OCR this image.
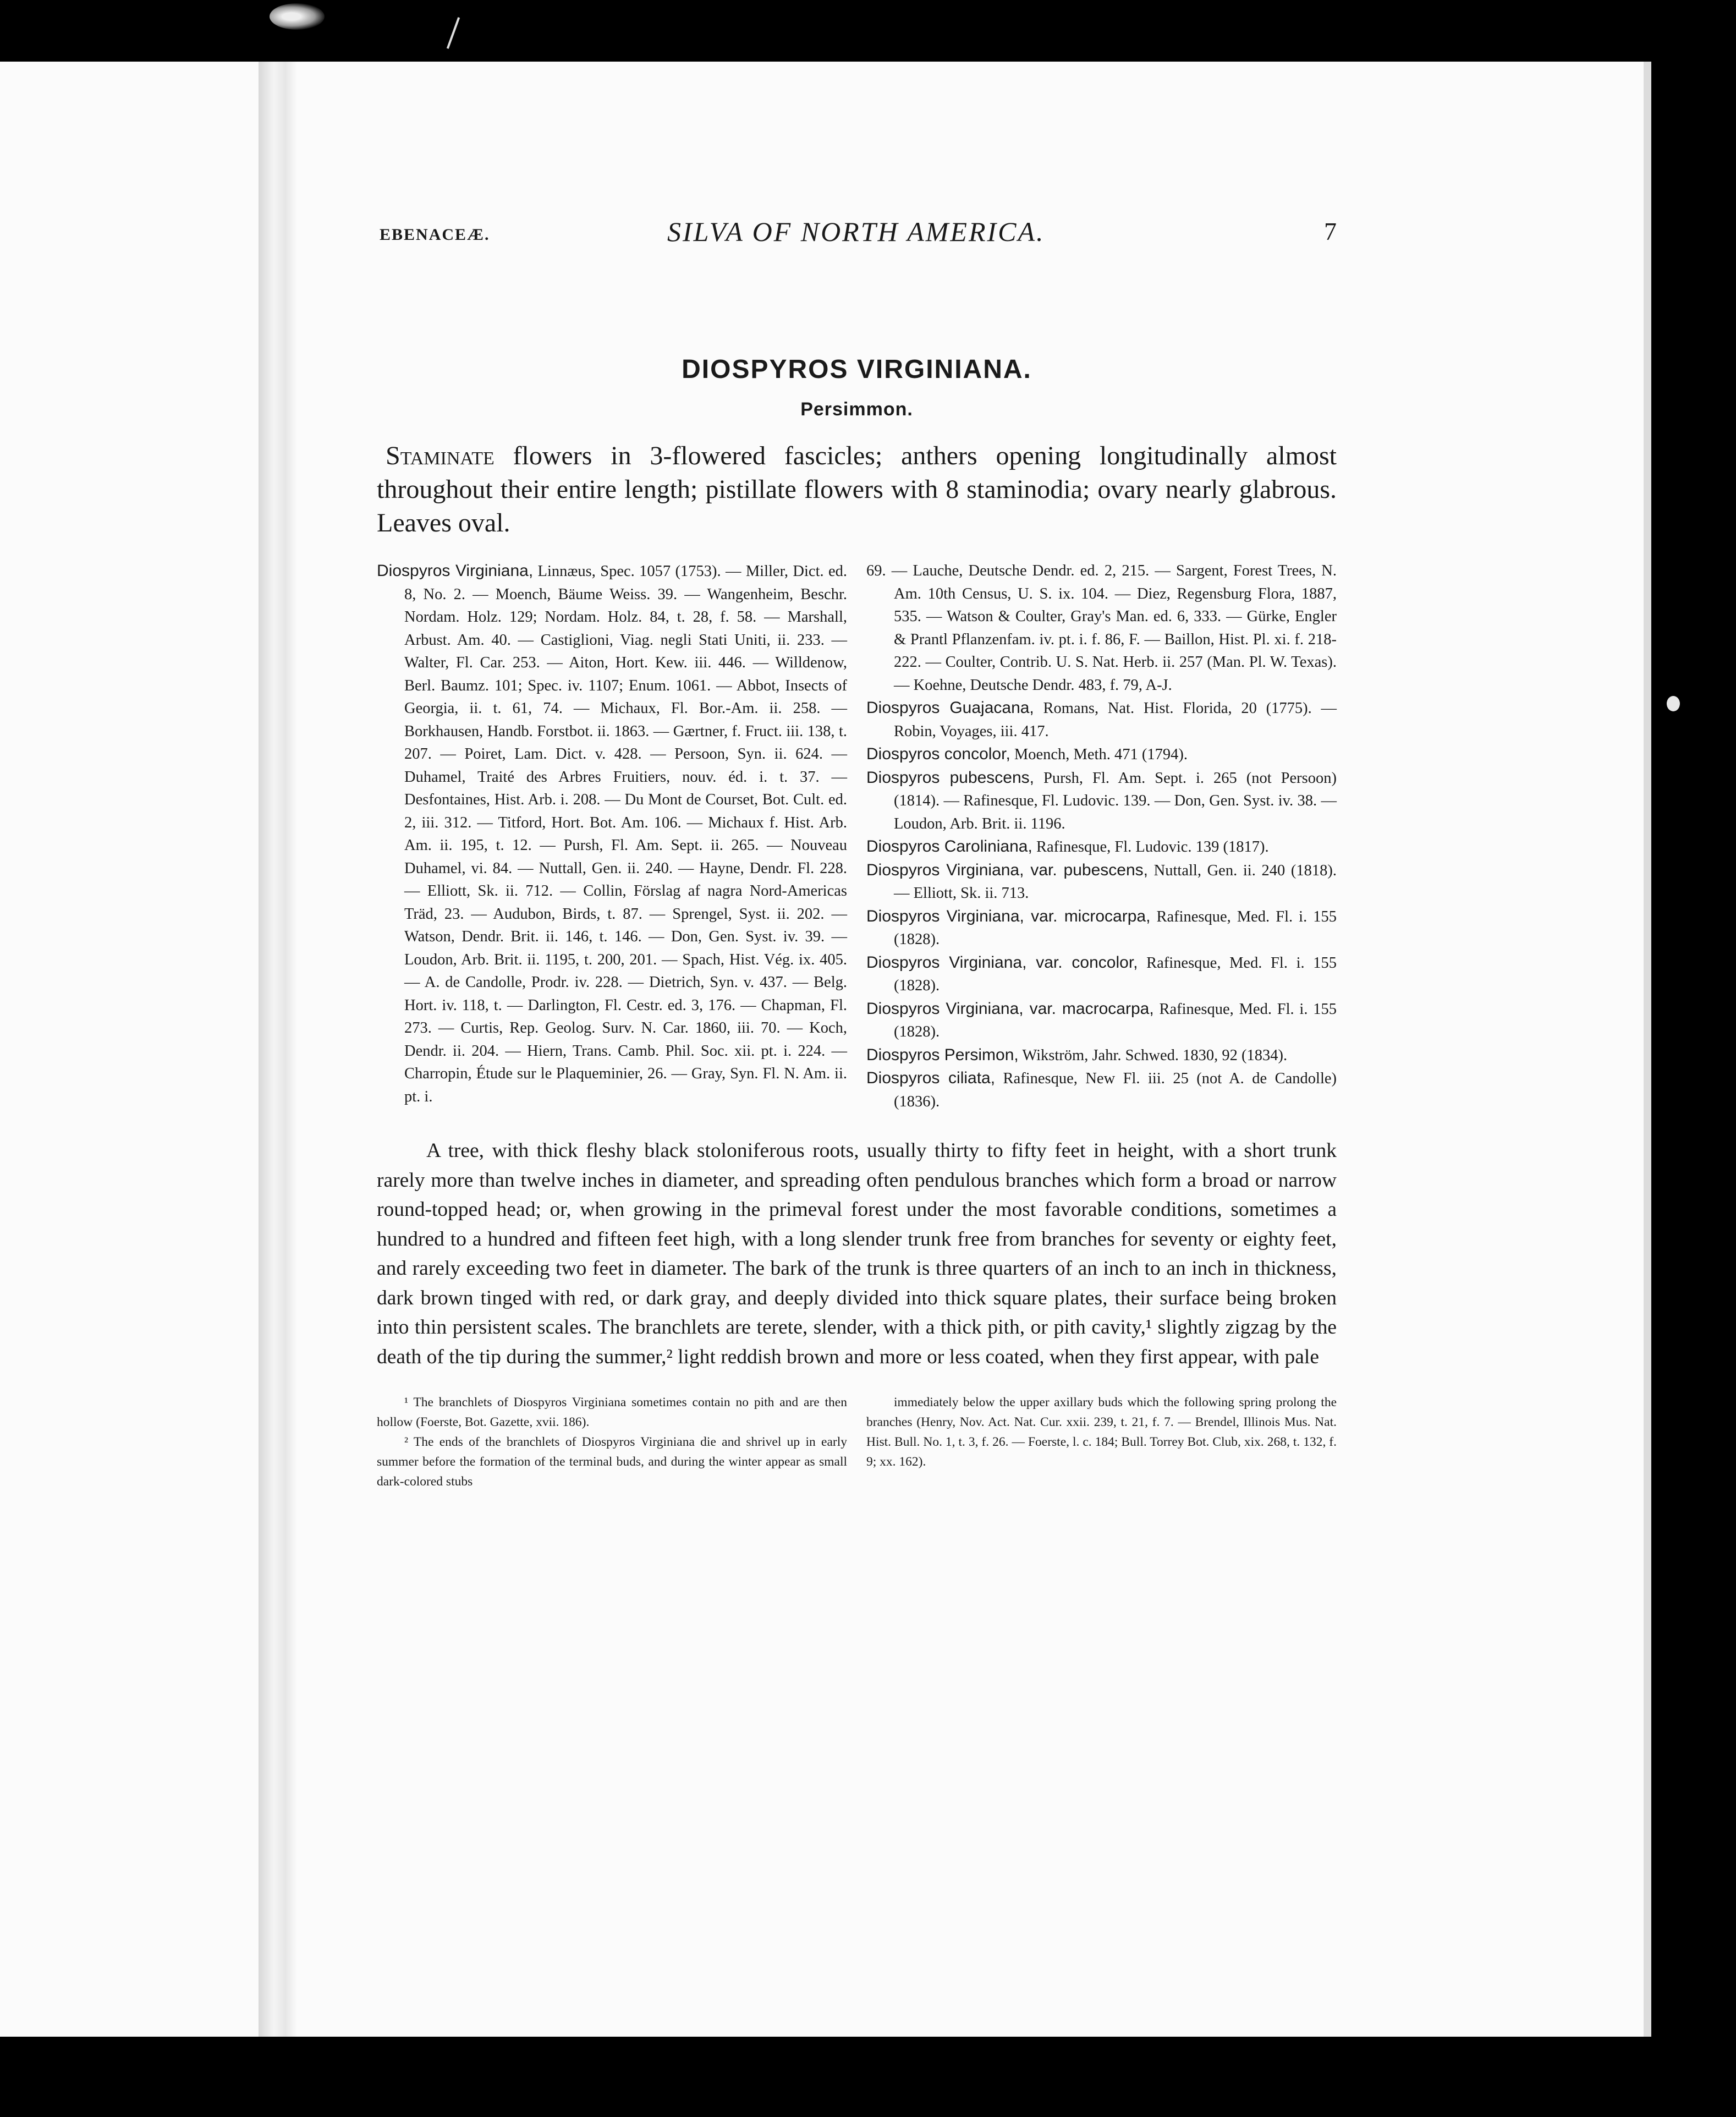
EBENACEÆ.	SILVA OF NORTH AMERICA.	7
DIOSPYROS VIRGINIANA.
Persimmon.
Staminate flowers in 3-flowered fascicles; anthers opening longitudinally almost throughout their entire length; pistillate flowers with 8 staminodia; ovary nearly glabrous. Leaves oval.
Diospyros Virginiana, Linnæus, Spec. 1057 (1753). — Miller, Dict. ed. 8, No. 2. — Moench, Bäume Weiss. 39. — Wangenheim, Beschr. Nordam. Holz. 129; Nordam. Holz. 84, t. 28, f. 58. — Marshall, Arbust. Am. 40. — Castiglioni, Viag. negli Stati Uniti, ii. 233. — Walter, Fl. Car. 253. — Aiton, Hort. Kew. iii. 446. — Willdenow, Berl. Baumz. 101; Spec. iv. 1107; Enum. 1061. — Abbot, Insects of Georgia, ii. t. 61, 74. — Michaux, Fl. Bor.-Am. ii. 258. — Borkhausen, Handb. Forstbot. ii. 1863. — Gærtner, f. Fruct. iii. 138, t. 207. — Poiret, Lam. Dict. v. 428. — Persoon, Syn. ii. 624. — Duhamel, Traité des Arbres Fruitiers, nouv. éd. i. t. 37. — Desfontaines, Hist. Arb. i. 208. — Du Mont de Courset, Bot. Cult. ed. 2, iii. 312. — Titford, Hort. Bot. Am. 106. — Michaux f. Hist. Arb. Am. ii. 195, t. 12. — Pursh, Fl. Am. Sept. ii. 265. — Nouveau Duhamel, vi. 84. — Nuttall, Gen. ii. 240. — Hayne, Dendr. Fl. 228. — Elliott, Sk. ii. 712. — Collin, Förslag af nagra Nord-Americas Träd, 23. — Audubon, Birds, t. 87. — Sprengel, Syst. ii. 202. — Watson, Dendr. Brit. ii. 146, t. 146. — Don, Gen. Syst. iv. 39. — Loudon, Arb. Brit. ii. 1195, t. 200, 201. — Spach, Hist. Vég. ix. 405. — A. de Candolle, Prodr. iv. 228. — Dietrich, Syn. v. 437. — Belg. Hort. iv. 118, t. — Darlington, Fl. Cestr. ed. 3, 176. — Chapman, Fl. 273. — Curtis, Rep. Geolog. Surv. N. Car. 1860, iii. 70. — Koch, Dendr. ii. 204. — Hiern, Trans. Camb. Phil. Soc. xii. pt. i. 224. — Charropin, Étude sur le Plaqueminier, 26. — Gray, Syn. Fl. N. Am. ii. pt. i.
69. — Lauche, Deutsche Dendr. ed. 2, 215. — Sargent, Forest Trees, N. Am. 10th Census, U. S. ix. 104. — Diez, Regensburg Flora, 1887, 535. — Watson & Coulter, Gray's Man. ed. 6, 333. — Gürke, Engler & Prantl Pflanzenfam. iv. pt. i. f. 86, F. — Baillon, Hist. Pl. xi. f. 218-222. — Coulter, Contrib. U. S. Nat. Herb. ii. 257 (Man. Pl. W. Texas). — Koehne, Deutsche Dendr. 483, f. 79, A-J.
Diospyros Guajacana, Romans, Nat. Hist. Florida, 20 (1775). — Robin, Voyages, iii. 417.
Diospyros concolor, Moench, Meth. 471 (1794).
Diospyros pubescens, Pursh, Fl. Am. Sept. i. 265 (not Persoon) (1814). — Rafinesque, Fl. Ludovic. 139. — Don, Gen. Syst. iv. 38. — Loudon, Arb. Brit. ii. 1196.
Diospyros Caroliniana, Rafinesque, Fl. Ludovic. 139 (1817).
Diospyros Virginiana, var. pubescens, Nuttall, Gen. ii. 240 (1818). — Elliott, Sk. ii. 713.
Diospyros Virginiana, var. microcarpa, Rafinesque, Med. Fl. i. 155 (1828).
Diospyros Virginiana, var. concolor, Rafinesque, Med. Fl. i. 155 (1828).
Diospyros Virginiana, var. macrocarpa, Rafinesque, Med. Fl. i. 155 (1828).
Diospyros Persimon, Wikström, Jahr. Schwed. 1830, 92 (1834).
Diospyros ciliata, Rafinesque, New Fl. iii. 25 (not A. de Candolle) (1836).
A tree, with thick fleshy black stoloniferous roots, usually thirty to fifty feet in height, with a short trunk rarely more than twelve inches in diameter, and spreading often pendulous branches which form a broad or narrow round-topped head; or, when growing in the primeval forest under the most favorable conditions, sometimes a hundred to a hundred and fifteen feet high, with a long slender trunk free from branches for seventy or eighty feet, and rarely exceeding two feet in diameter. The bark of the trunk is three quarters of an inch to an inch in thickness, dark brown tinged with red, or dark gray, and deeply divided into thick square plates, their surface being broken into thin persistent scales. The branchlets are terete, slender, with a thick pith, or pith cavity,¹ slightly zigzag by the death of the tip during the summer,² light reddish brown and more or less coated, when they first appear, with pale

¹ The branchlets of Diospyros Virginiana sometimes contain no pith and are then hollow (Foerste, Bot. Gazette, xvii. 186).

² The ends of the branchlets of Diospyros Virginiana die and shrivel up in early summer before the formation of the terminal buds, and during the winter appear as small dark-colored stubs

immediately below the upper axillary buds which the following spring prolong the branches (Henry, Nov. Act. Nat. Cur. xxii. 239, t. 21, f. 7. — Brendel, Illinois Mus. Nat. Hist. Bull. No. 1, t. 3, f. 26. — Foerste, l. c. 184; Bull. Torrey Bot. Club, xix. 268, t. 132, f. 9; xx. 162).
